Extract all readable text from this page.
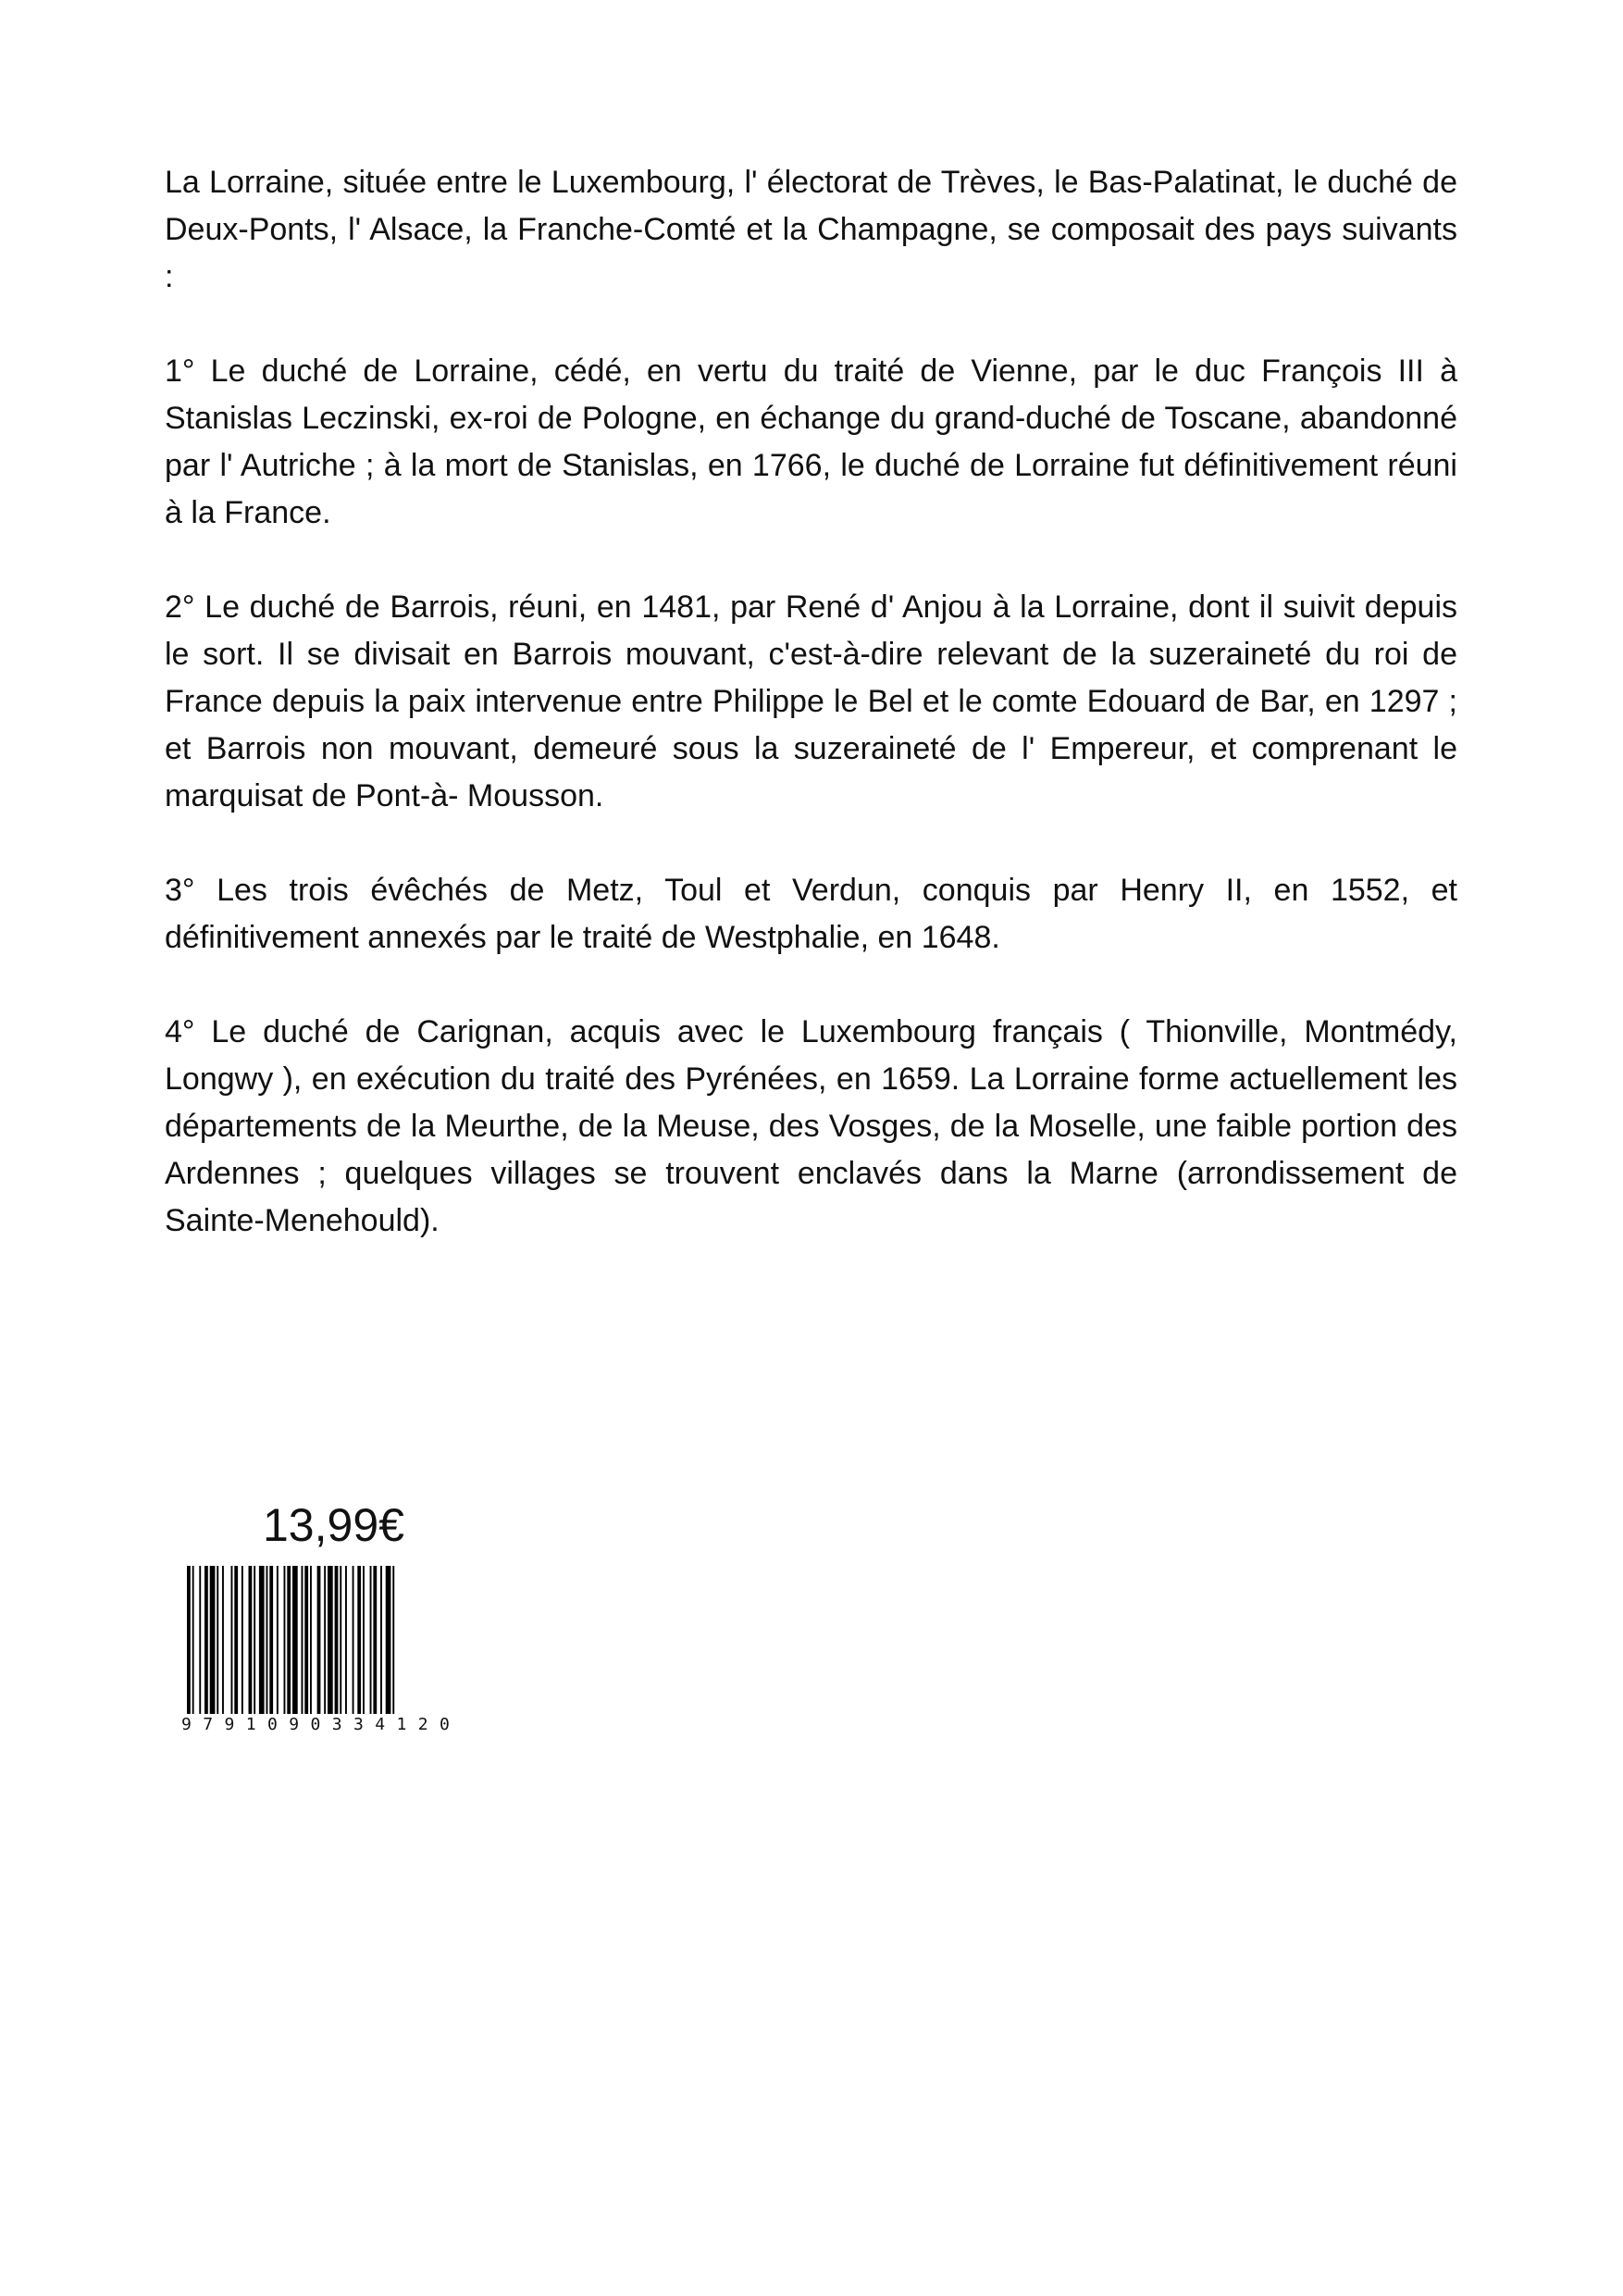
La Lorraine, située entre le Luxembourg, l' électorat de Trèves, le Bas-Palatinat, le duché de Deux-Ponts, l' Alsace, la Franche-Comté et la Champagne, se composait des pays suivants :

1° Le duché de Lorraine, cédé, en vertu du traité de Vienne, par le duc François III à Stanislas Leczinski, ex-roi de Pologne, en échange du grand-duché de Toscane, abandonné par l' Autriche ; à la mort de Stanislas, en 1766, le duché de Lorraine fut définitivement réuni à la France.

2° Le duché de Barrois, réuni, en 1481, par René d' Anjou à la Lorraine, dont il suivit depuis le sort. Il se divisait en Barrois mouvant, c'est-à-dire relevant de la suzeraineté du roi de France depuis la paix intervenue entre Philippe le Bel et le comte Edouard de Bar, en 1297 ; et Barrois non mouvant, demeuré sous la suzeraineté de l' Empereur, et comprenant le marquisat de Pont-à- Mousson.

3° Les trois évêchés de Metz, Toul et Verdun, conquis par Henry II, en 1552, et définitivement annexés par le traité de Westphalie, en 1648.

4° Le duché de Carignan, acquis avec le Luxembourg français ( Thionville, Montmédy, Longwy ), en exécution du traité des Pyrénées, en 1659. La Lorraine forme actuellement les départements de la Meurthe, de la Meuse, des Vosges, de la Moselle, une faible portion des Ardennes ; quelques villages se trouvent enclavés dans la Marne (arrondissement de Sainte-Menehould).

13,99€
9 7 9 1 0 9 0 3 3 4 1 2 0
